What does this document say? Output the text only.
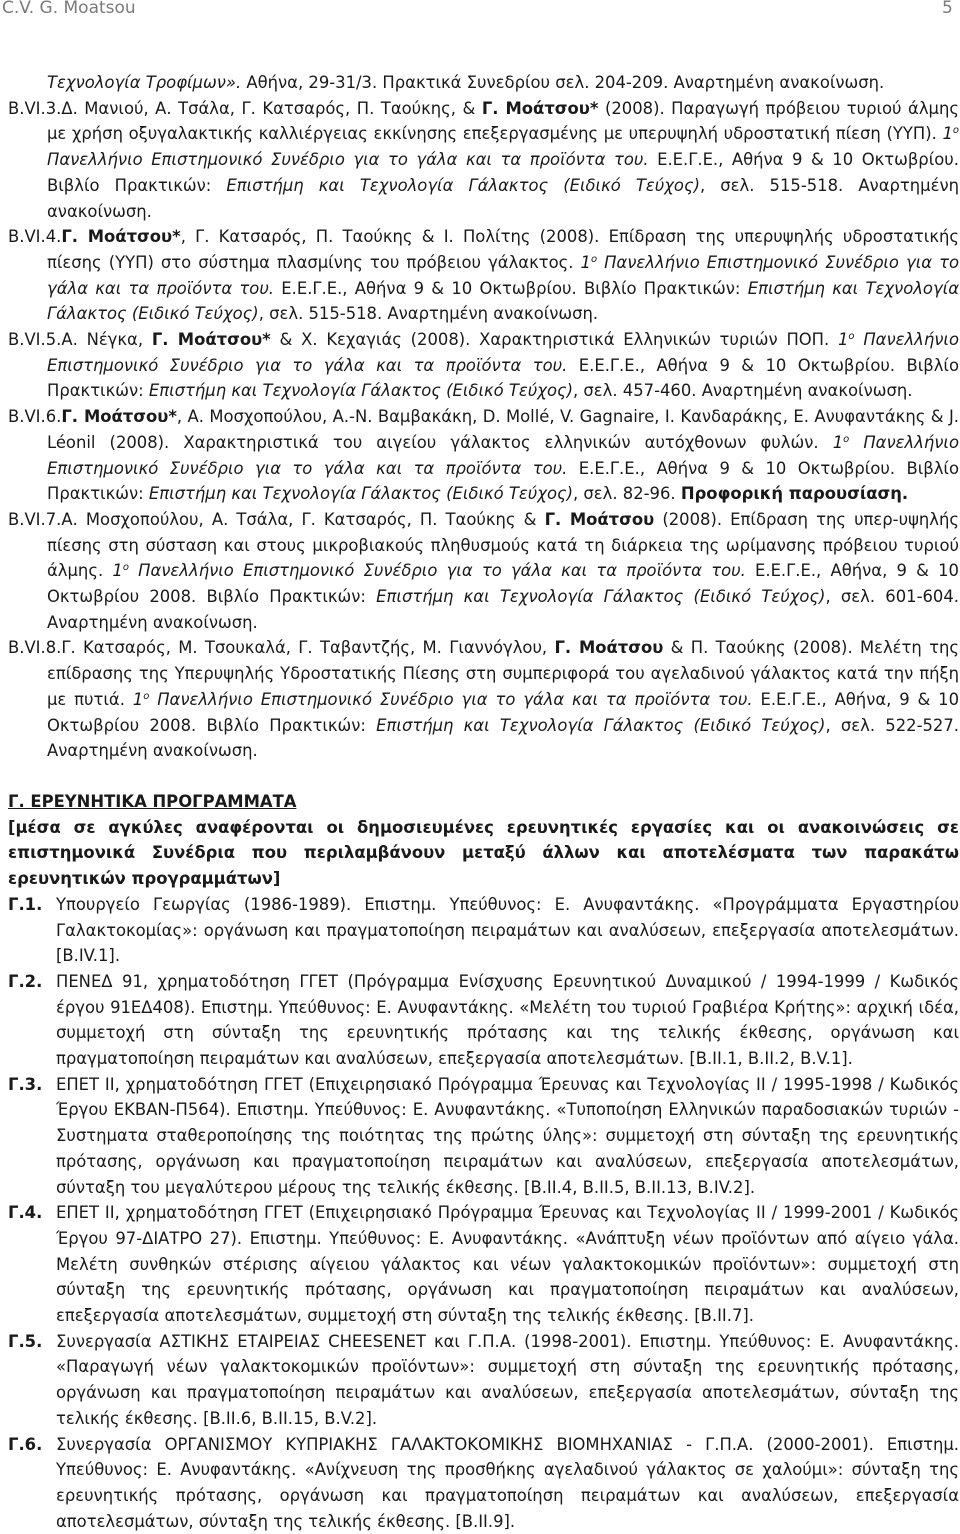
C.V. G. Moatsou	5

Τεχνολογία Τροφίμων». Αθήνα, 29-31/3. Πρακτικά Συνεδρίου σελ. 204-209. Αναρτημένη ανακοίνωση.

Β.VI.3.Δ. Μανιού, Α. Τσάλα, Γ. Κατσαρός, Π. Ταούκης, & Γ. Μοάτσου* (2008). Παραγωγή πρόβειου τυριού άλμης με χρήση οξυγαλακτικής καλλιέργειας εκκίνησης επεξεργασμένης με υπερυψηλή υδροστατική πίεση (ΥΥΠ). $1^o$ Πανελλήνιο Επιστημονικό Συνέδριο για το γάλα και τα προϊόντα του. Ε.Ε.Γ.Ε., Αθήνα 9 & 10 Οκτωβρίου. Βιβλίο Πρακτικών: Επιστήμη και Τεχνολογία Γάλακτος (Ειδικό Τεύχος), σελ. 515-518. Αναρτημένη ανακοίνωση.

Β.VI.4.Γ. Μοάτσου*, Γ. Κατσαρός, Π. Ταούκης & Ι. Πολίτης (2008). Επίδραση της υπερυψηλής υδροστατικής πίεσης (ΥΥΠ) στο σύστημα πλασμίνης του πρόβειου γάλακτος. $1^o$ Πανελλήνιο Επιστημονικό Συνέδριο για το γάλα και τα προϊόντα του. Ε.Ε.Γ.Ε., Αθήνα 9 & 10 Οκτωβρίου. Βιβλίο Πρακτικών: Επιστήμη και Τεχνολογία Γάλακτος (Ειδικό Τεύχος), σελ. 515-518. Αναρτημένη ανακοίνωση.

Β.VI.5.Α. Νέγκα, Γ. Μοάτσου* & Χ. Κεχαγιάς (2008). Χαρακτηριστικά Ελληνικών τυριών ΠΟΠ. $1^o$ Πανελλήνιο Επιστημονικό Συνέδριο για το γάλα και τα προϊόντα του. Ε.Ε.Γ.Ε., Αθήνα 9 & 10 Οκτωβρίου. Βιβλίο Πρακτικών: Επιστήμη και Τεχνολογία Γάλακτος (Ειδικό Τεύχος), σελ. 457-460. Αναρτημένη ανακοίνωση.

Β.VI.6.Γ. Μοάτσου*, Α. Μοσχοπούλου, Α.-Ν. Βαμβακάκη, D. Mollé, V. Gagnaire, Ι. Κανδαράκης, Ε. Ανυφαντάκης & J. Léonil (2008). Χαρακτηριστικά του αιγείου γάλακτος ελληνικών αυτόχθονων φυλών. $1^o$ Πανελλήνιο Επιστημονικό Συνέδριο για το γάλα και τα προϊόντα του. Ε.Ε.Γ.Ε., Αθήνα 9 & 10 Οκτωβρίου. Βιβλίο Πρακτικών: Επιστήμη και Τεχνολογία Γάλακτος (Ειδικό Τεύχος), σελ. 82-96. Προφορική παρουσίαση.

Β.VI.7.Α. Μοσχοπούλου, Α. Τσάλα, Γ. Κατσαρός, Π. Ταούκης & Γ. Μοάτσου (2008). Επίδραση της υπερ-υψηλής πίεσης στη σύσταση και στους μικροβιακούς πληθυσμούς κατά τη διάρκεια της ωρίμανσης πρόβειου τυριού άλμης. $1^o$ Πανελλήνιο Επιστημονικό Συνέδριο για το γάλα και τα προϊόντα του. Ε.Ε.Γ.Ε., Αθήνα, 9 & 10 Οκτωβρίου 2008. Βιβλίο Πρακτικών: Επιστήμη και Τεχνολογία Γάλακτος (Ειδικό Τεύχος), σελ. 601-604. Αναρτημένη ανακοίνωση.

Β.VI.8.Γ. Κατσαρός, Μ. Τσουκαλά, Γ. Ταβαντζής, Μ. Γιαννόγλου, Γ. Μοάτσου & Π. Ταούκης (2008). Μελέτη της επίδρασης της Υπερυψηλής Υδροστατικής Πίεσης στη συμπεριφορά του αγελαδινού γάλακτος κατά την πήξη με πυτιά. $1^o$ Πανελλήνιο Επιστημονικό Συνέδριο για το γάλα και τα προϊόντα του. Ε.Ε.Γ.Ε., Αθήνα, 9 & 10 Οκτωβρίου 2008. Βιβλίο Πρακτικών: Επιστήμη και Τεχνολογία Γάλακτος (Ειδικό Τεύχος), σελ. 522-527. Αναρτημένη ανακοίνωση.

Γ. ΕΡΕΥΝΗΤΙΚΑ ΠΡΟΓΡΑΜΜΑΤΑ

[μέσα σε αγκύλες αναφέρονται οι δημοσιευμένες ερευνητικές εργασίες και οι ανακοινώσεις σε επιστημονικά Συνέδρια που περιλαμβάνουν μεταξύ άλλων και αποτελέσματα των παρακάτω ερευνητικών προγραμμάτων]

Γ.1. Υπουργείο Γεωργίας (1986-1989). Επιστημ. Υπεύθυνος: Ε. Ανυφαντάκης. «Προγράμματα Εργαστηρίου Γαλακτοκομίας»: οργάνωση και πραγματοποίηση πειραμάτων και αναλύσεων, επεξεργασία αποτελεσμάτων. [Β.IV.1].

Γ.2. ΠΕΝΕΔ 91, χρηματοδότηση ΓΓΕΤ (Πρόγραμμα Ενίσχυσης Ερευνητικού Δυναμικού / 1994-1999 / Κωδικός έργου 91ΕΔ408). Επιστημ. Υπεύθυνος: Ε. Ανυφαντάκης. «Μελέτη του τυριού Γραβιέρα Κρήτης»: αρχική ιδέα, συμμετοχή στη σύνταξη της ερευνητικής πρότασης και της τελικής έκθεσης, οργάνωση και πραγματοποίηση πειραμάτων και αναλύσεων, επεξεργασία αποτελεσμάτων. [Β.ΙΙ.1, Β.ΙΙ.2, Β.V.1].

Γ.3. ΕΠΕΤ ΙΙ, χρηματοδότηση ΓΓΕΤ (Επιχειρησιακό Πρόγραμμα Έρευνας και Τεχνολογίας ΙΙ / 1995-1998 / Κωδικός Έργου ΕΚΒΑΝ-Π564). Επιστημ. Υπεύθυνος: Ε. Ανυφαντάκης. «Τυποποίηση Ελληνικών παραδοσιακών τυριών - Συστηματα σταθεροποίησης της ποιότητας της πρώτης ύλης»: συμμετοχή στη σύνταξη της ερευνητικής πρότασης, οργάνωση και πραγματοποίηση πειραμάτων και αναλύσεων, επεξεργασία αποτελεσμάτων, σύνταξη του μεγαλύτερου μέρους της τελικής έκθεσης. [Β.ΙΙ.4, Β.ΙΙ.5, Β.ΙΙ.13, Β.IV.2].

Γ.4. ΕΠΕΤ ΙΙ, χρηματοδότηση ΓΓΕΤ (Επιχειρησιακό Πρόγραμμα Έρευνας και Τεχνολογίας ΙΙ / 1999-2001 / Κωδικός Έργου 97-ΔΙΑΤΡΟ 27). Επιστημ. Υπεύθυνος: Ε. Ανυφαντάκης. «Ανάπτυξη νέων προϊόντων από αίγειο γάλα. Μελέτη συνθηκών στέρισης αίγειου γάλακτος και νέων γαλακτοκομικών προϊόντων»: συμμετοχή στη σύνταξη της ερευνητικής πρότασης, οργάνωση και πραγματοποίηση πειραμάτων και αναλύσεων, επεξεργασία αποτελεσμάτων, συμμετοχή στη σύνταξη της τελικής έκθεσης. [Β.ΙΙ.7].

Γ.5. Συνεργασία ΑΣΤΙΚΗΣ ΕΤΑΙΡΕΙΑΣ CHEESENET και Γ.Π.Α. (1998-2001). Επιστημ. Υπεύθυνος: Ε. Ανυφαντάκης. «Παραγωγή νέων γαλακτοκομικών προϊόντων»: συμμετοχή στη σύνταξη της ερευνητικής πρότασης, οργάνωση και πραγματοποίηση πειραμάτων και αναλύσεων, επεξεργασία αποτελεσμάτων, σύνταξη της τελικής έκθεσης. [Β.ΙΙ.6, Β.ΙΙ.15, Β.V.2].

Γ.6. Συνεργασία ΟΡΓΑΝΙΣΜΟΥ ΚΥΠΡΙΑΚΗΣ ΓΑΛΑΚΤΟΚΟΜΙΚΗΣ ΒΙΟΜΗΧΑΝΙΑΣ - Γ.Π.Α. (2000-2001). Επιστημ. Υπεύθυνος: Ε. Ανυφαντάκης. «Ανίχνευση της προσθήκης αγελαδινού γάλακτος σε χαλούμι»: σύνταξη της ερευνητικής πρότασης, οργάνωση και πραγματοποίηση πειραμάτων και αναλύσεων, επεξεργασία αποτελεσμάτων, σύνταξη της τελικής έκθεσης. [Β.ΙΙ.9].
